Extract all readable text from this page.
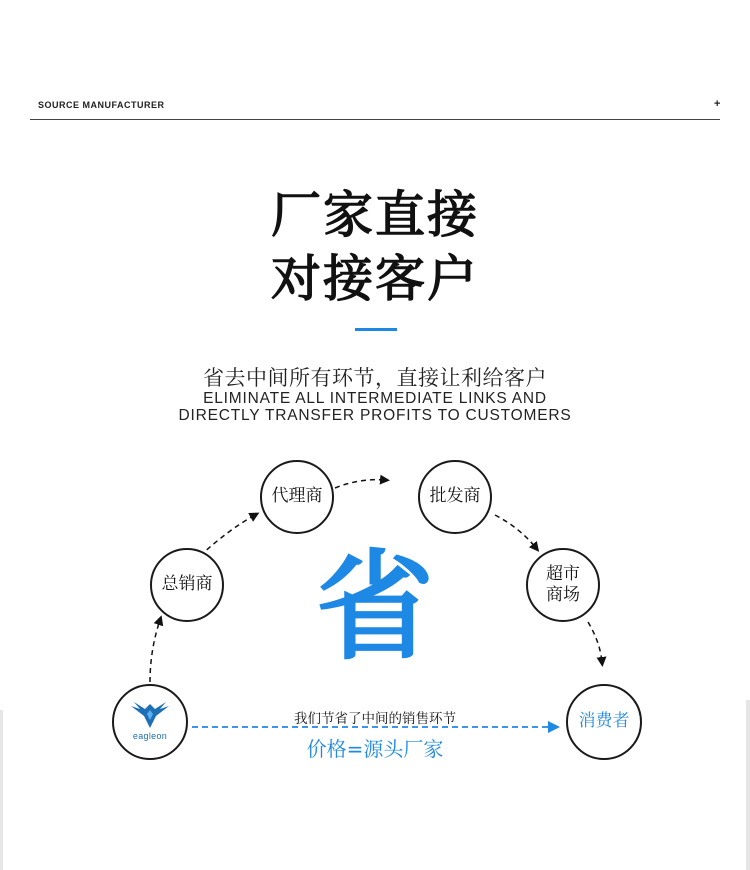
SOURCE MANUFACTURER	+
厂家直接
对接客户
省去中间所有环节，直接让利给客户
ELIMINATE ALL INTERMEDIATE LINKS AND
DIRECTLY TRANSFER PROFITS TO CUSTOMERS
总销商
代理商	批发商
超市
商场
消费者
eagleon
省
我们节省了中间的销售环节
价格=源头厂家
